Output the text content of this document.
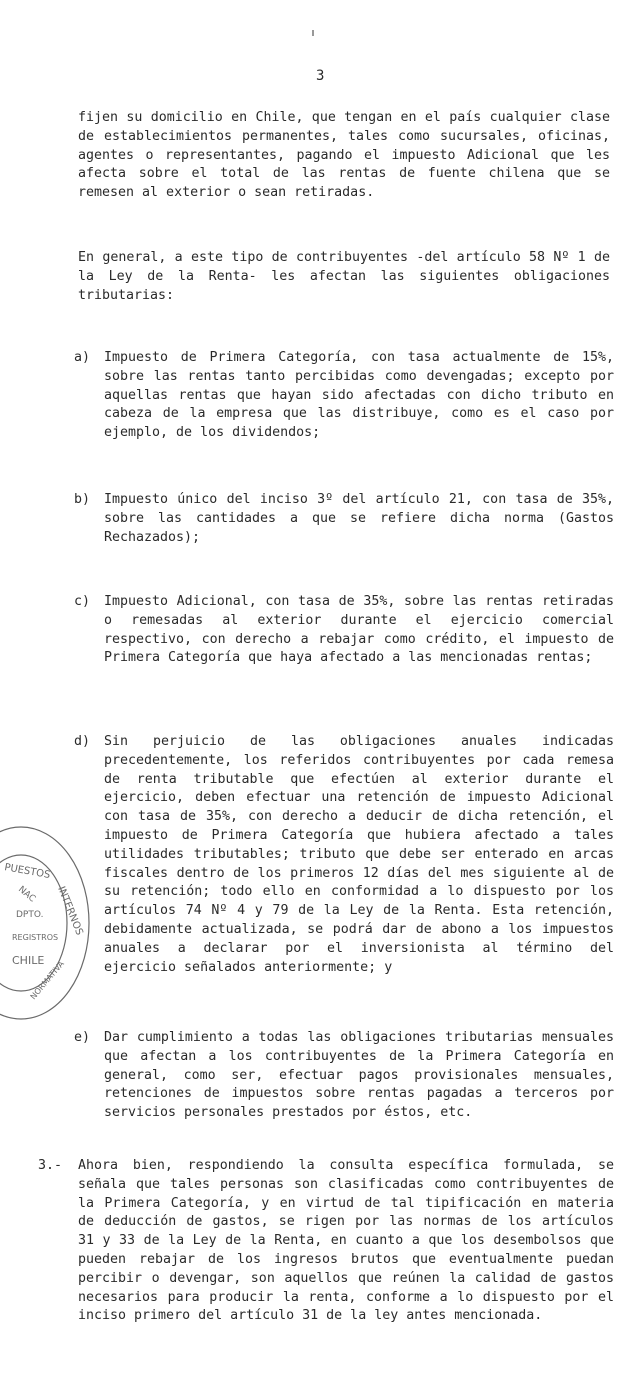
3

fijen su domicilio en Chile, que tengan en el país cualquier clase de establecimientos permanentes, tales como sucursales, oficinas, agentes o representantes, pagando el impuesto Adicional que les afecta sobre el total de las rentas de fuente chilena que se remesen al exterior o sean retiradas.

En general, a este tipo de contribuyentes -del artículo 58 Nº 1 de la Ley de la Renta- les afectan las siguientes obligaciones tributarias:

a)	Impuesto de Primera Categoría, con tasa actualmente de 15%, sobre las rentas tanto percibidas como devengadas; excepto por aquellas rentas que hayan sido afectadas con dicho tributo en cabeza de la empresa que las distribuye, como es el caso por ejemplo, de los dividendos;

b)	Impuesto único del inciso 3º del artículo 21, con tasa de 35%, sobre las cantidades a que se refiere dicha norma (Gastos Rechazados);

c)	Impuesto Adicional, con tasa de 35%, sobre las rentas retiradas o remesadas al exterior durante el ejercicio comercial respectivo, con derecho a rebajar como crédito, el impuesto de Primera Categoría que haya afectado a las mencionadas rentas;

d)	Sin perjuicio de las obligaciones anuales indicadas precedentemente, los referidos contribuyentes por cada remesa de renta tributable que efectúen al exterior durante el ejercicio, deben efectuar una retención de impuesto Adicional con tasa de 35%, con derecho a deducir de dicha retención, el impuesto de Primera Categoría que hubiera afectado a tales utilidades tributables; tributo que debe ser enterado en arcas fiscales dentro de los primeros 12 días del mes siguiente al de su retención; todo ello en conformidad a lo dispuesto por los artículos 74 Nº 4 y 79 de la Ley de la Renta. Esta retención, debidamente actualizada, se podrá dar de abono a los impuestos anuales a declarar por el inversionista al término del ejercicio señalados anteriormente; y

e)	Dar cumplimiento a todas las obligaciones tributarias mensuales que afectan a los contribuyentes de la Primera Categoría en general, como ser, efectuar pagos provisionales mensuales, retenciones de impuestos sobre rentas pagadas a terceros por servicios personales prestados por éstos, etc.

3.-	Ahora bien, respondiendo la consulta específica formulada, se señala que tales personas son clasificadas como contribuyentes de la Primera Categoría, y en virtud de tal tipificación en materia de deducción de gastos, se rigen por las normas de los artículos 31 y 33 de la Ley de la Renta, en cuanto a que los desembolsos que pueden rebajar de los ingresos brutos que eventualmente puedan percibir o devengar, son aquellos que reúnen la calidad de gastos necesarios para producir la renta, conforme a lo dispuesto por el inciso primero del artículo 31 de la ley antes mencionada.

PUESTOS
INTERNOS
NAC
DPTO.
REGISTROS
CHILE
NORMATIVA
